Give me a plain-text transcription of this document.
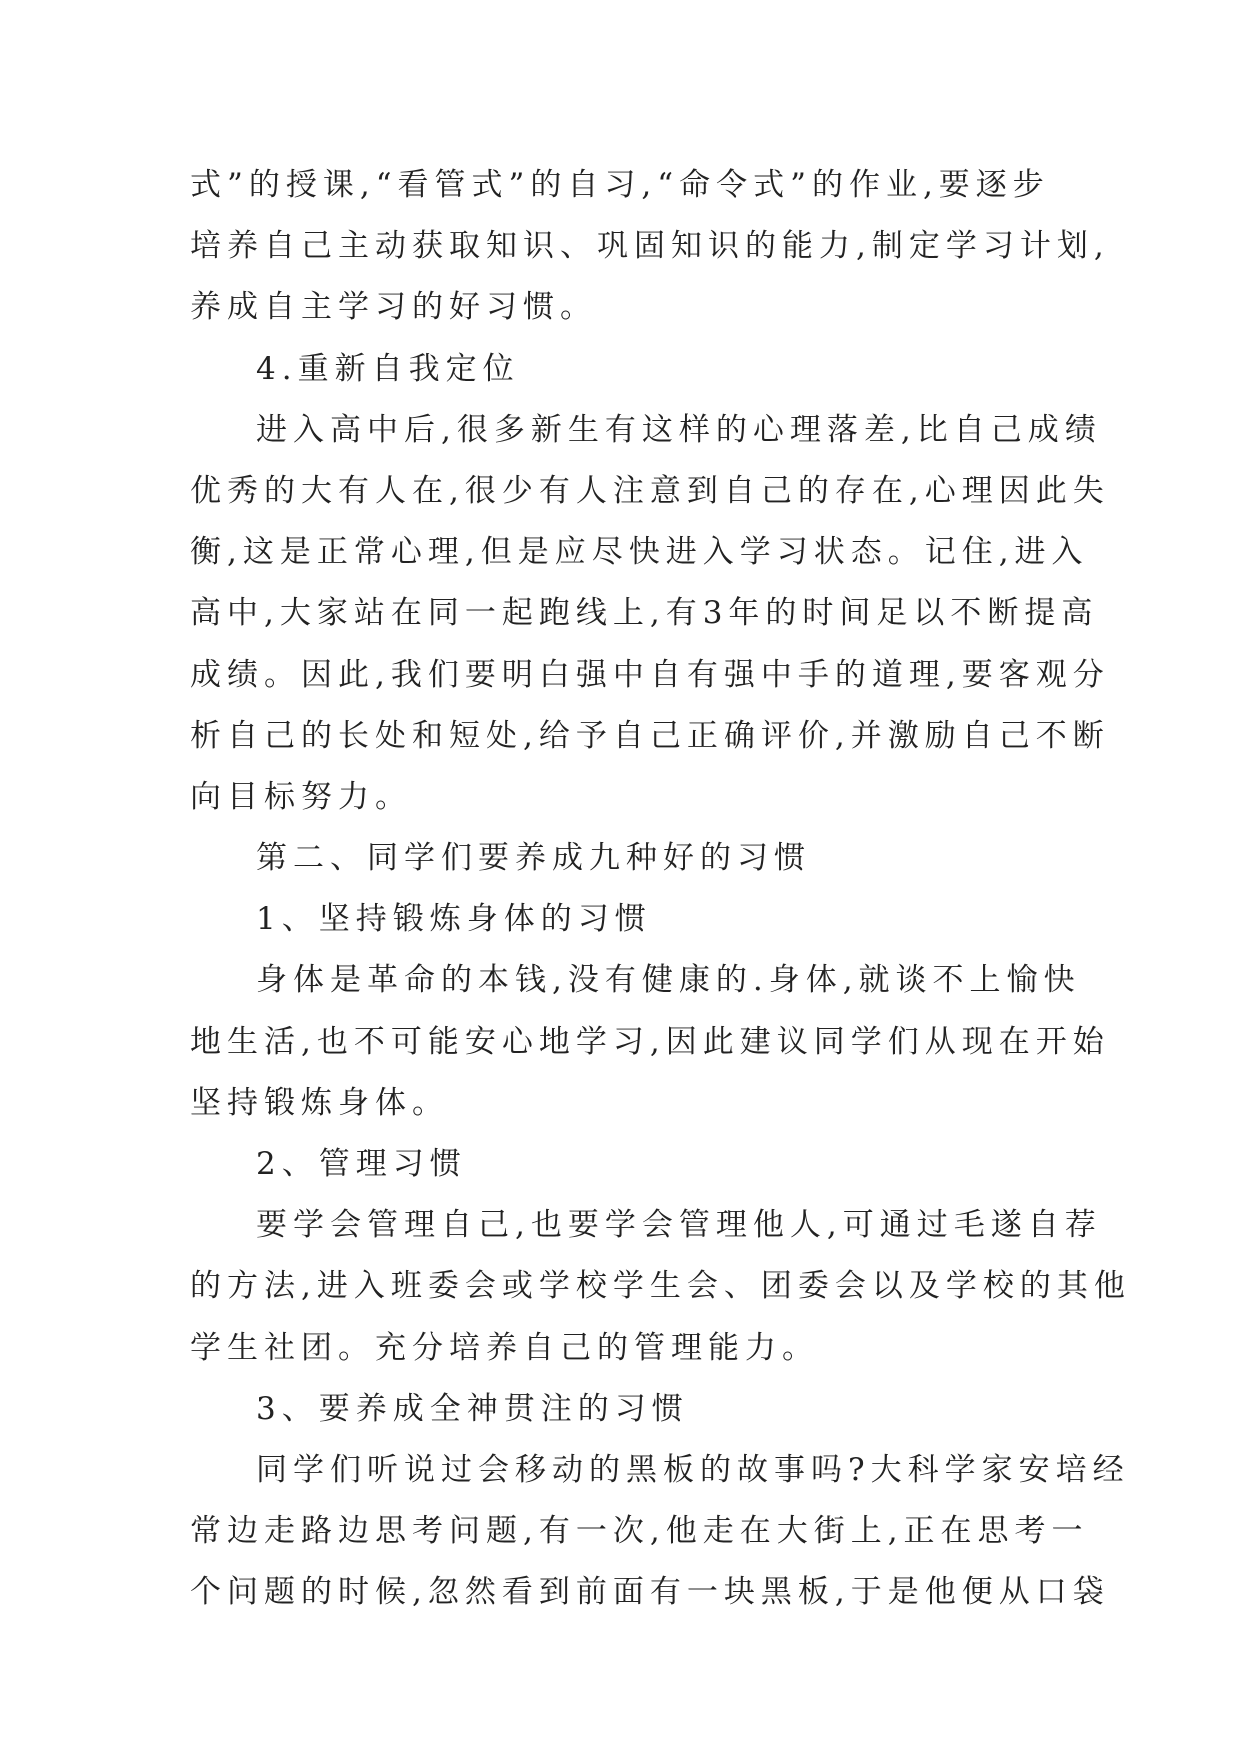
式”的授课,“看管式”的自习,“命令式”的作业,要逐步
培养自己主动获取知识、巩固知识的能力,制定学习计划,
养成自主学习的好习惯。
4.重新自我定位
进入高中后,很多新生有这样的心理落差,比自己成绩
优秀的大有人在,很少有人注意到自己的存在,心理因此失
衡,这是正常心理,但是应尽快进入学习状态。记住,进入
高中,大家站在同一起跑线上,有3年的时间足以不断提高
成绩。因此,我们要明白强中自有强中手的道理,要客观分
析自己的长处和短处,给予自己正确评价,并激励自己不断
向目标努力。
第二、同学们要养成九种好的习惯
1、坚持锻炼身体的习惯
身体是革命的本钱,没有健康的.身体,就谈不上愉快
地生活,也不可能安心地学习,因此建议同学们从现在开始
坚持锻炼身体。
2、管理习惯
要学会管理自己,也要学会管理他人,可通过毛遂自荐
的方法,进入班委会或学校学生会、团委会以及学校的其他
学生社团。充分培养自己的管理能力。
3、要养成全神贯注的习惯
同学们听说过会移动的黑板的故事吗?大科学家安培经
常边走路边思考问题,有一次,他走在大街上,正在思考一
个问题的时候,忽然看到前面有一块黑板,于是他便从口袋
